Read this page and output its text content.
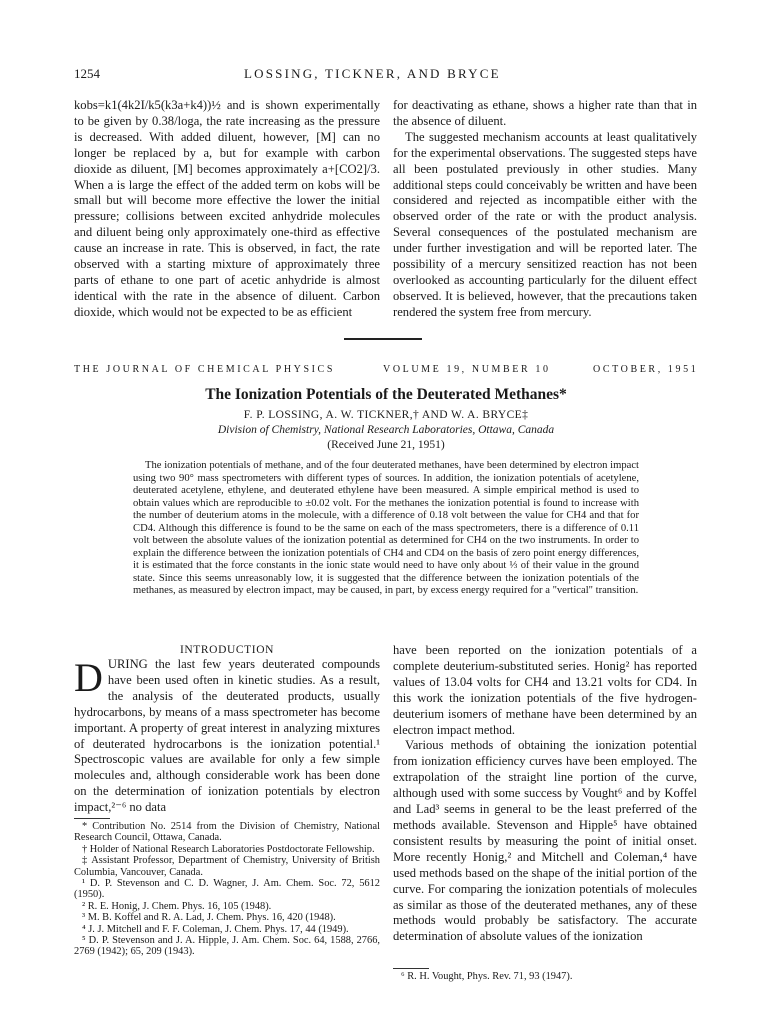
1254	LOSSING, TICKNER, AND BRYCE

kobs=k1(4k2I/k5(k3a+k4))½ and is shown experimentally to be given by 0.38/loga, the rate increasing as the pressure is decreased. With added diluent, however, [M] can no longer be replaced by a, but for example with carbon dioxide as diluent, [M] becomes approximately a+[CO2]/3. When a is large the effect of the added term on kobs will be small but will become more effective the lower the initial pressure; collisions between excited anhydride molecules and diluent being only approximately one-third as effective cause an increase in rate. This is observed, in fact, the rate observed with a starting mixture of approximately three parts of ethane to one part of acetic anhydride is almost identical with the rate in the absence of diluent. Carbon dioxide, which would not be expected to be as efficient

for deactivating as ethane, shows a higher rate than that in the absence of diluent.

The suggested mechanism accounts at least qualitatively for the experimental observations. The suggested steps have all been postulated previously in other studies. Many additional steps could conceivably be written and have been considered and rejected as incompatible either with the observed order of the rate or with the product analysis. Several consequences of the postulated mechanism are under further investigation and will be reported later. The possibility of a mercury sensitized reaction has not been overlooked as accounting particularly for the diluent effect observed. It is believed, however, that the precautions taken rendered the system free from mercury.

THE JOURNAL OF CHEMICAL PHYSICS	VOLUME 19, NUMBER 10	OCTOBER, 1951
The Ionization Potentials of the Deuterated Methanes*
F. P. LOSSING, A. W. TICKNER,† AND W. A. BRYCE‡
Division of Chemistry, National Research Laboratories, Ottawa, Canada
(Received June 21, 1951)

The ionization potentials of methane, and of the four deuterated methanes, have been determined by electron impact using two 90° mass spectrometers with different types of sources. In addition, the ionization potentials of acetylene, deuterated acetylene, ethylene, and deuterated ethylene have been measured. A simple empirical method is used to obtain values which are reproducible to ±0.02 volt. For the methanes the ionization potential is found to increase with the number of deuterium atoms in the molecule, with a difference of 0.18 volt between the value for CH4 and that for CD4. Although this difference is found to be the same on each of the mass spectrometers, there is a difference of 0.11 volt between the absolute values of the ionization potential as determined for CH4 on the two instruments. In order to explain the difference between the ionization potentials of CH4 and CD4 on the basis of zero point energy differences, it is estimated that the force constants in the ionic state would need to have only about ⅓ of their value in the ground state. Since this seems unreasonably low, it is suggested that the difference between the ionization potentials of the methanes, as measured by electron impact, may be caused, in part, by excess energy required for a "vertical" transition.

INTRODUCTION

DURING the last few years deuterated compounds have been used often in kinetic studies. As a result, the analysis of the deuterated products, usually hydrocarbons, by means of a mass spectrometer has become important. A property of great interest in analyzing mixtures of deuterated hydrocarbons is the ionization potential.¹ Spectroscopic values are available for only a few simple molecules and, although considerable work has been done on the determination of ionization potentials by electron impact,²⁻⁶ no data

* Contribution No. 2514 from the Division of Chemistry, National Research Council, Ottawa, Canada.

† Holder of National Research Laboratories Postdoctorate Fellowship.

‡ Assistant Professor, Department of Chemistry, University of British Columbia, Vancouver, Canada.

¹ D. P. Stevenson and C. D. Wagner, J. Am. Chem. Soc. 72, 5612 (1950).

² R. E. Honig, J. Chem. Phys. 16, 105 (1948).

³ M. B. Koffel and R. A. Lad, J. Chem. Phys. 16, 420 (1948).

⁴ J. J. Mitchell and F. F. Coleman, J. Chem. Phys. 17, 44 (1949).

⁵ D. P. Stevenson and J. A. Hipple, J. Am. Chem. Soc. 64, 1588, 2766, 2769 (1942); 65, 209 (1943).

have been reported on the ionization potentials of a complete deuterium-substituted series. Honig² has reported values of 13.04 volts for CH4 and 13.21 volts for CD4. In this work the ionization potentials of the five hydrogen-deuterium isomers of methane have been determined by an electron impact method.

Various methods of obtaining the ionization potential from ionization efficiency curves have been employed. The extrapolation of the straight line portion of the curve, although used with some success by Vought⁶ and by Koffel and Lad³ seems in general to be the least preferred of the methods available. Stevenson and Hipple⁵ have obtained consistent results by measuring the point of initial onset. More recently Honig,² and Mitchell and Coleman,⁴ have used methods based on the shape of the initial portion of the curve. For comparing the ionization potentials of molecules as similar as those of the deuterated methanes, any of these methods would probably be satisfactory. The accurate determination of absolute values of the ionization

⁶ R. H. Vought, Phys. Rev. 71, 93 (1947).
